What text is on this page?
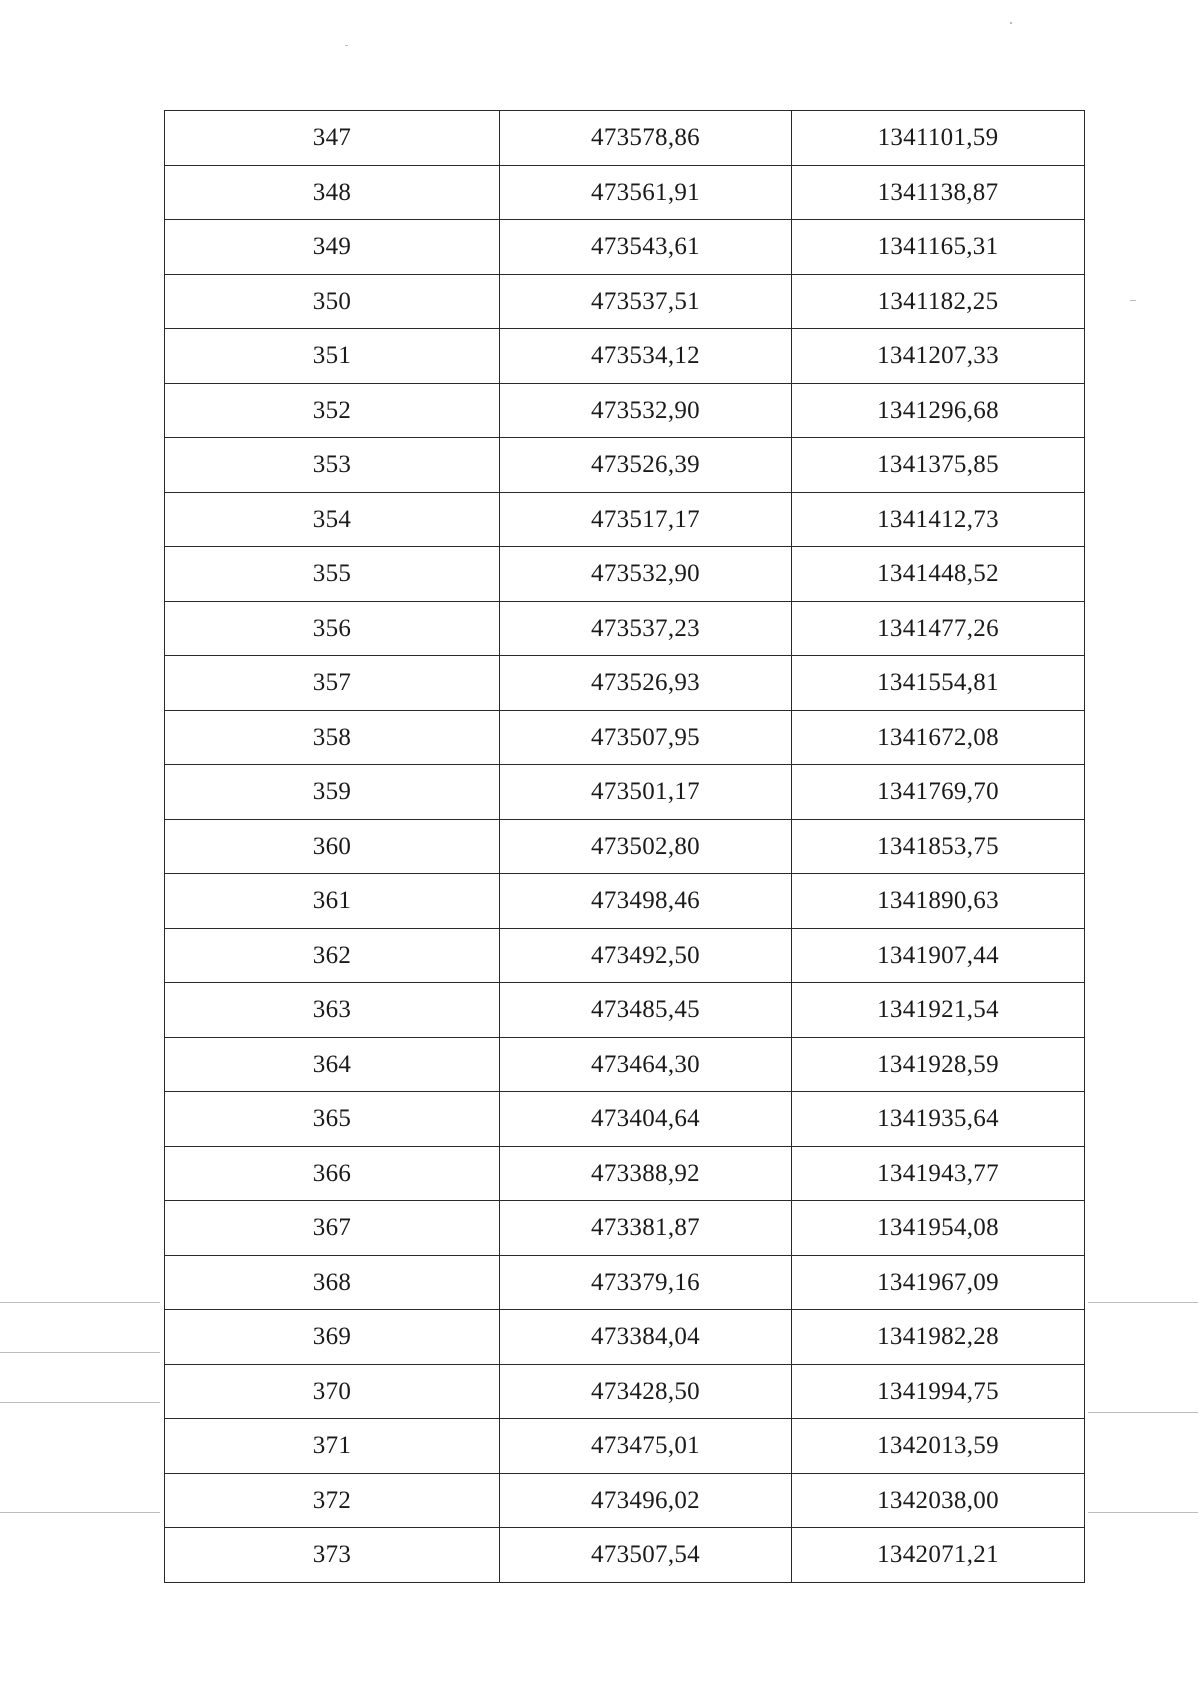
347	473578,86	1341101,59
348	473561,91	1341138,87
349	473543,61	1341165,31
350	473537,51	1341182,25
351	473534,12	1341207,33
352	473532,90	1341296,68
353	473526,39	1341375,85
354	473517,17	1341412,73
355	473532,90	1341448,52
356	473537,23	1341477,26
357	473526,93	1341554,81
358	473507,95	1341672,08
359	473501,17	1341769,70
360	473502,80	1341853,75
361	473498,46	1341890,63
362	473492,50	1341907,44
363	473485,45	1341921,54
364	473464,30	1341928,59
365	473404,64	1341935,64
366	473388,92	1341943,77
367	473381,87	1341954,08
368	473379,16	1341967,09
369	473384,04	1341982,28
370	473428,50	1341994,75
371	473475,01	1342013,59
372	473496,02	1342038,00
373	473507,54	1342071,21
